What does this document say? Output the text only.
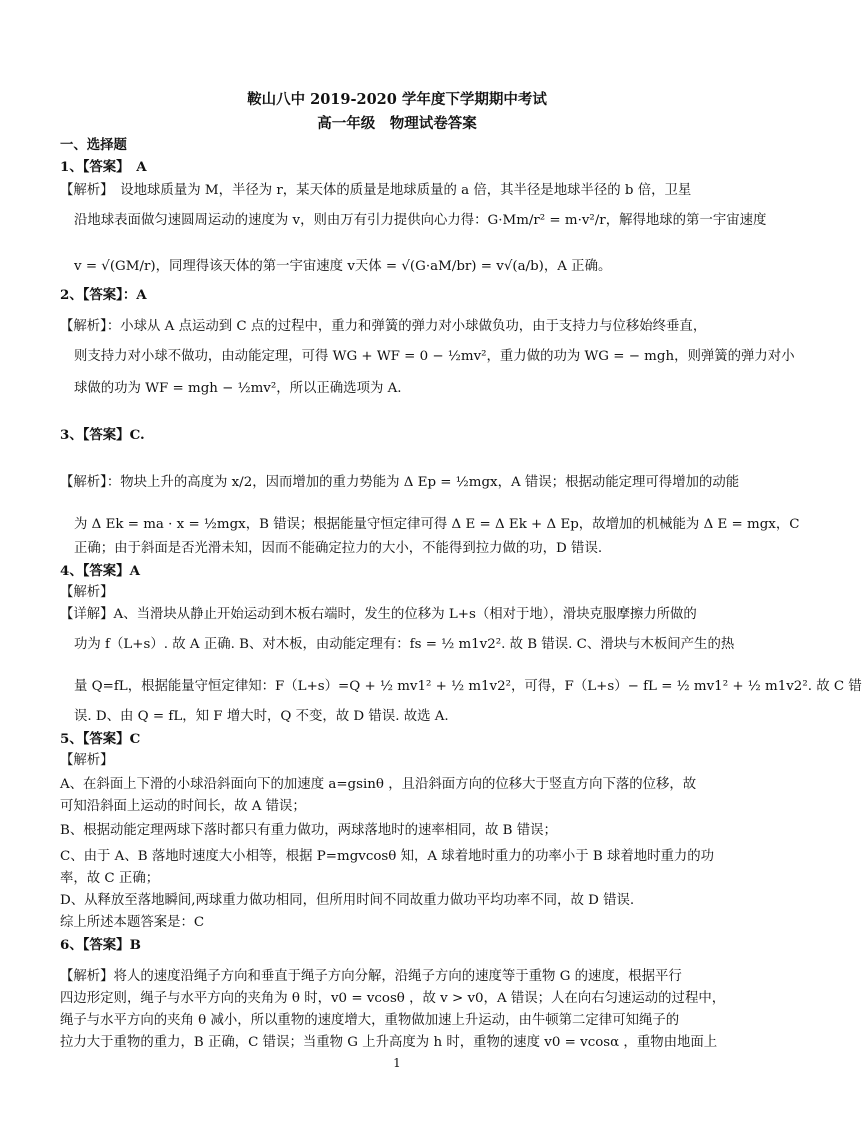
鞍山八中 2019-2020 学年度下学期期中考试
高一年级　物理试卷答案
一、选择题
1、【答案】　A
【解析】　设地球质量为 M，半径为 r，某天体的质量是地球质量的 a 倍，其半径是地球半径的 b 倍，卫星
沿地球表面做匀速圆周运动的速度为 v，则由万有引力提供向心力得：G·Mm/r² = m·v²/r，解得地球的第一宇宙速度
v = √(GM/r)，同理得该天体的第一宇宙速度 v天体 = √(G·aM/br) = v√(a/b)，A 正确。
2、【答案】：A
【解析】：小球从 A 点运动到 C 点的过程中，重力和弹簧的弹力对小球做负功，由于支持力与位移始终垂直，
则支持力对小球不做功，由动能定理，可得 WG + WF = 0 − ½mv²，重力做的功为 WG = − mgh，则弹簧的弹力对小
球做的功为 WF = mgh − ½mv²，所以正确选项为 A.
3、【答案】C.
【解析】：物块上升的高度为 x/2，因而增加的重力势能为 Δ Ep = ½mgx，A 错误；根据动能定理可得增加的动能
为 Δ Ek = ma · x = ½mgx，B 错误；根据能量守恒定律可得 Δ E = Δ Ek + Δ Ep，故增加的机械能为 Δ E = mgx，C
正确；由于斜面是否光滑未知，因而不能确定拉力的大小，不能得到拉力做的功，D 错误.
4、【答案】A
【解析】
【详解】A、当滑块从静止开始运动到木板右端时，发生的位移为 L+s（相对于地），滑块克服摩擦力所做的
功为 f（L+s）. 故 A 正确. B、对木板，由动能定理有：fs = ½ m1v2². 故 B 错误. C、滑块与木板间产生的热
量 Q=fL，根据能量守恒定律知：F（L+s）=Q + ½ mv1² + ½ m1v2²，可得，F（L+s）− fL = ½ mv1² + ½ m1v2². 故 C 错
误. D、由 Q = fL，知 F 增大时，Q 不变，故 D 错误. 故选 A.
5、【答案】C
【解析】
A、在斜面上下滑的小球沿斜面向下的加速度 a=gsinθ ，且沿斜面方向的位移大于竖直方向下落的位移，故
可知沿斜面上运动的时间长，故 A 错误；
B、根据动能定理两球下落时都只有重力做功，两球落地时的速率相同，故 B 错误；
C、由于 A、B 落地时速度大小相等，根据 P=mgvcosθ 知，A 球着地时重力的功率小于 B 球着地时重力的功
率，故 C 正确；
D、从释放至落地瞬间,两球重力做功相同，但所用时间不同故重力做功平均功率不同，故 D 错误.
综上所述本题答案是：C
6、【答案】B
【解析】将人的速度沿绳子方向和垂直于绳子方向分解，沿绳子方向的速度等于重物 G 的速度，根据平行
四边形定则，绳子与水平方向的夹角为 θ 时，v0 = vcosθ ，故 v > v0，A 错误；人在向右匀速运动的过程中，
绳子与水平方向的夹角 θ 减小，所以重物的速度增大，重物做加速上升运动，由牛顿第二定律可知绳子的
拉力大于重物的重力，B 正确，C 错误；当重物 G 上升高度为 h 时，重物的速度 v0 = vcosα ，重物由地面上
1
